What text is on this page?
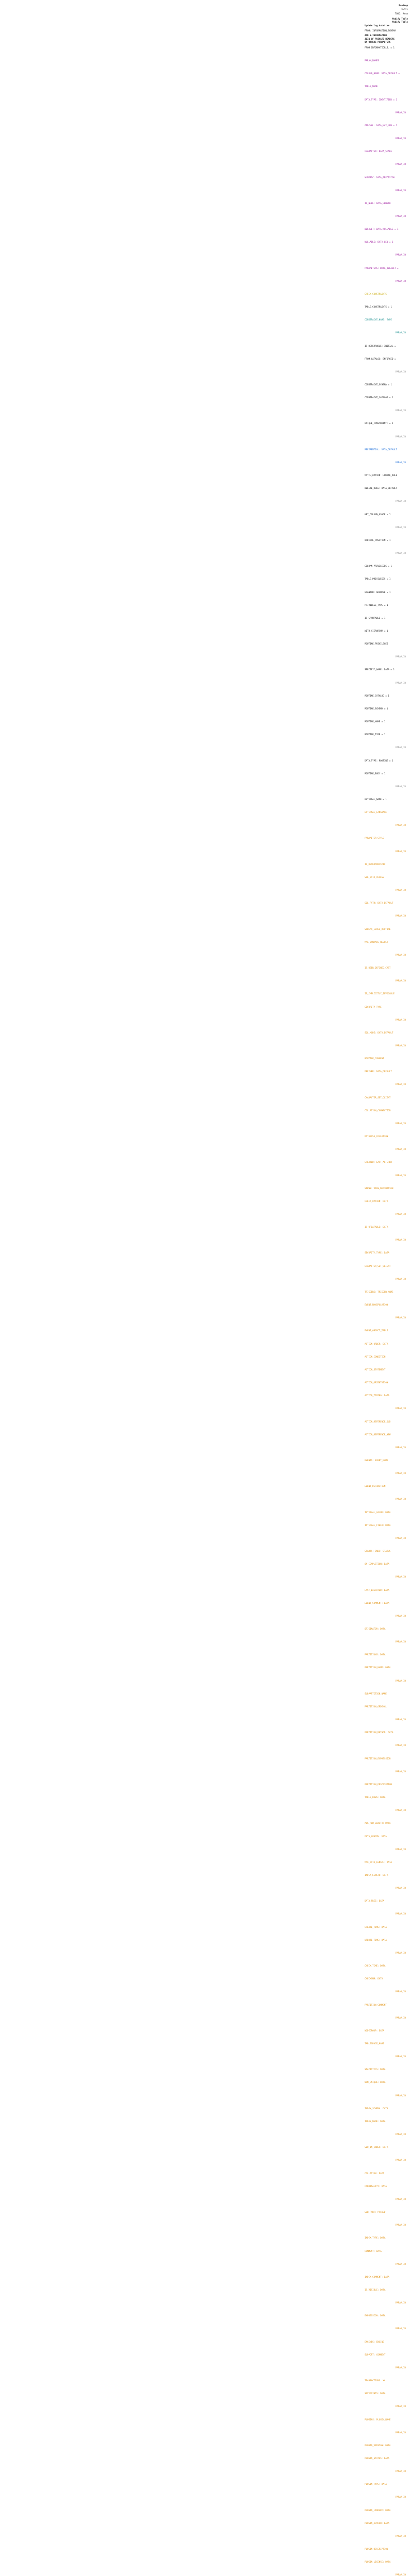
Prodrop
$Envi
TODO: Assm
Modify Table
Modify Table
Update log datetime
FROM: INFORMATION_SCHEMA
AND 5.INFORMATION
JOIN OF PRIVATE HEADERS
ON OTHERS PARAMETERS
FROM INFORMATION_S. = 1
PARAM_NAMES
COLUMN_NAME: DATA_DEFAULT =
TABLE_NAME
DATA_TYPE: IDENTIFIER = 1
PARAM_ID
ORDINAL: DATA_MAX_LEN = 1
PARAM_ID
CHARACTER: DATA_SCALE
PARAM_ID
NUMERIC: DATA_PRECISION
PARAM_ID
IS_NULL: DATA_LENGTH
PARAM_ID
DEFAULT: DATA_NULLABLE = 1
NULLABLE: DATA_LEN = 1
PARAM_ID
PARAMETERS: DATA_DEFAULT =
PARAM_ID
CHECK_CONSTRAINTS
TABLE_CONSTRAINTS = 1
CONSTRAINT_NAME: TYPE
PARAM_ID
IS_DEFERRABLE: INITIAL =
FROM_CATALOG: ENFORCED =
PARAM_ID
CONSTRAINT_SCHEMA = 1
CONSTRAINT_CATALOG = 1
PARAM_ID
UNIQUE_CONSTRAINT: = 1
PARAM_ID
REFERENTIAL: DATA_DEFAULT
PARAM_ID
MATCH_OPTION: UPDATE_RULE
DELETE_RULE: DATA_DEFAULT
PARAM_ID
KEY_COLUMN_USAGE = 1
PARAM_ID
ORDINAL_POSITION = 1
PARAM_ID
COLUMN_PRIVILEGES = 1
TABLE_PRIVILEGES = 1
GRANTOR: GRANTEE = 1
PRIVILEGE_TYPE = 1
IS_GRANTABLE = 1
WITH_HIERARCHY = 1
ROUTINE_PRIVILEGES
PARAM_ID
SPECIFIC_NAME: DATA = 1
PARAM_ID
ROUTINE_CATALOG = 1
ROUTINE_SCHEMA = 1
ROUTINE_NAME = 1
ROUTINE_TYPE = 1
PARAM_ID
DATA_TYPE: ROUTINE = 1
ROUTINE_BODY = 1
PARAM_ID
EXTERNAL_NAME = 1
EXTERNAL_LANGUAGE
PARAM_ID
PARAMETER_STYLE
PARAM_ID
IS_DETERMINISTIC
SQL_DATA_ACCESS
PARAM_ID
SQL_PATH: DATA_DEFAULT
PARAM_ID
SCHEMA_LEVEL_ROUTINE
MAX_DYNAMIC_RESULT
PARAM_ID
IS_USER_DEFINED_CAST
PARAM_ID
IS_IMPLICITLY_INVOCABLE
SECURITY_TYPE
PARAM_ID
SQL_MODE: DATA_DEFAULT
PARAM_ID
ROUTINE_COMMENT
DEFINER: DATA_DEFAULT
PARAM_ID
CHARACTER_SET_CLIENT
COLLATION_CONNECTION
PARAM_ID
DATABASE_COLLATION
PARAM_ID
CREATED: LAST_ALTERED
PARAM_ID
VIEWS: VIEW_DEFINITION
CHECK_OPTION: DATA
PARAM_ID
IS_UPDATABLE: DATA
PARAM_ID
SECURITY_TYPE: DATA
CHARACTER_SET_CLIENT
PARAM_ID
TRIGGERS: TRIGGER_NAME
EVENT_MANIPULATION
PARAM_ID
EVENT_OBJECT_TABLE
ACTION_ORDER: DATA
ACTION_CONDITION
ACTION_STATEMENT
ACTION_ORIENTATION
ACTION_TIMING: DATA
PARAM_ID
ACTION_REFERENCE_OLD
ACTION_REFERENCE_NEW
PARAM_ID
EVENTS: EVENT_NAME
PARAM_ID
EVENT_DEFINITION
PARAM_ID
INTERVAL_VALUE: DATA
INTERVAL_FIELD: DATA
PARAM_ID
STARTS: ENDS: STATUS
ON_COMPLETION: DATA
PARAM_ID
LAST_EXECUTED: DATA
EVENT_COMMENT: DATA
PARAM_ID
ORIGINATOR: DATA
PARAM_ID
PARTITIONS: DATA
PARTITION_NAME: DATA
PARAM_ID
SUBPARTITION_NAME
PARTITION_ORDINAL
PARAM_ID
PARTITION_METHOD: DATA
PARAM_ID
PARTITION_EXPRESSION
PARAM_ID
PARTITION_DESCRIPTION
TABLE_ROWS: DATA
PARAM_ID
AVG_ROW_LENGTH: DATA
DATA_LENGTH: DATA
PARAM_ID
MAX_DATA_LENGTH: DATA
INDEX_LENGTH: DATA
PARAM_ID
DATA_FREE: DATA
PARAM_ID
CREATE_TIME: DATA
UPDATE_TIME: DATA
PARAM_ID
CHECK_TIME: DATA
CHECKSUM: DATA
PARAM_ID
PARTITION_COMMENT
PARAM_ID
NODEGROUP: DATA
TABLESPACE_NAME
PARAM_ID
STATISTICS: DATA
NON_UNIQUE: DATA
PARAM_ID
INDEX_SCHEMA: DATA
INDEX_NAME: DATA
PARAM_ID
SEQ_IN_INDEX: DATA
PARAM_ID
COLLATION: DATA
CARDINALITY: DATA
PARAM_ID
SUB_PART: PACKED
PARAM_ID
INDEX_TYPE: DATA
COMMENT: DATA
PARAM_ID
INDEX_COMMENT: DATA
IS_VISIBLE: DATA
PARAM_ID
EXPRESSION: DATA
PARAM_ID
ENGINES: ENGINE
SUPPORT: COMMENT
PARAM_ID
TRANSACTIONS: XA
SAVEPOINTS: DATA
PARAM_ID
PLUGINS: PLUGIN_NAME
PARAM_ID
PLUGIN_VERSION: DATA
PLUGIN_STATUS: DATA
PARAM_ID
PLUGIN_TYPE: DATA
PARAM_ID
PLUGIN_LIBRARY: DATA
PLUGIN_AUTHOR: DATA
PARAM_ID
PLUGIN_DESCRIPTION
PLUGIN_LICENSE: DATA
PARAM_ID
